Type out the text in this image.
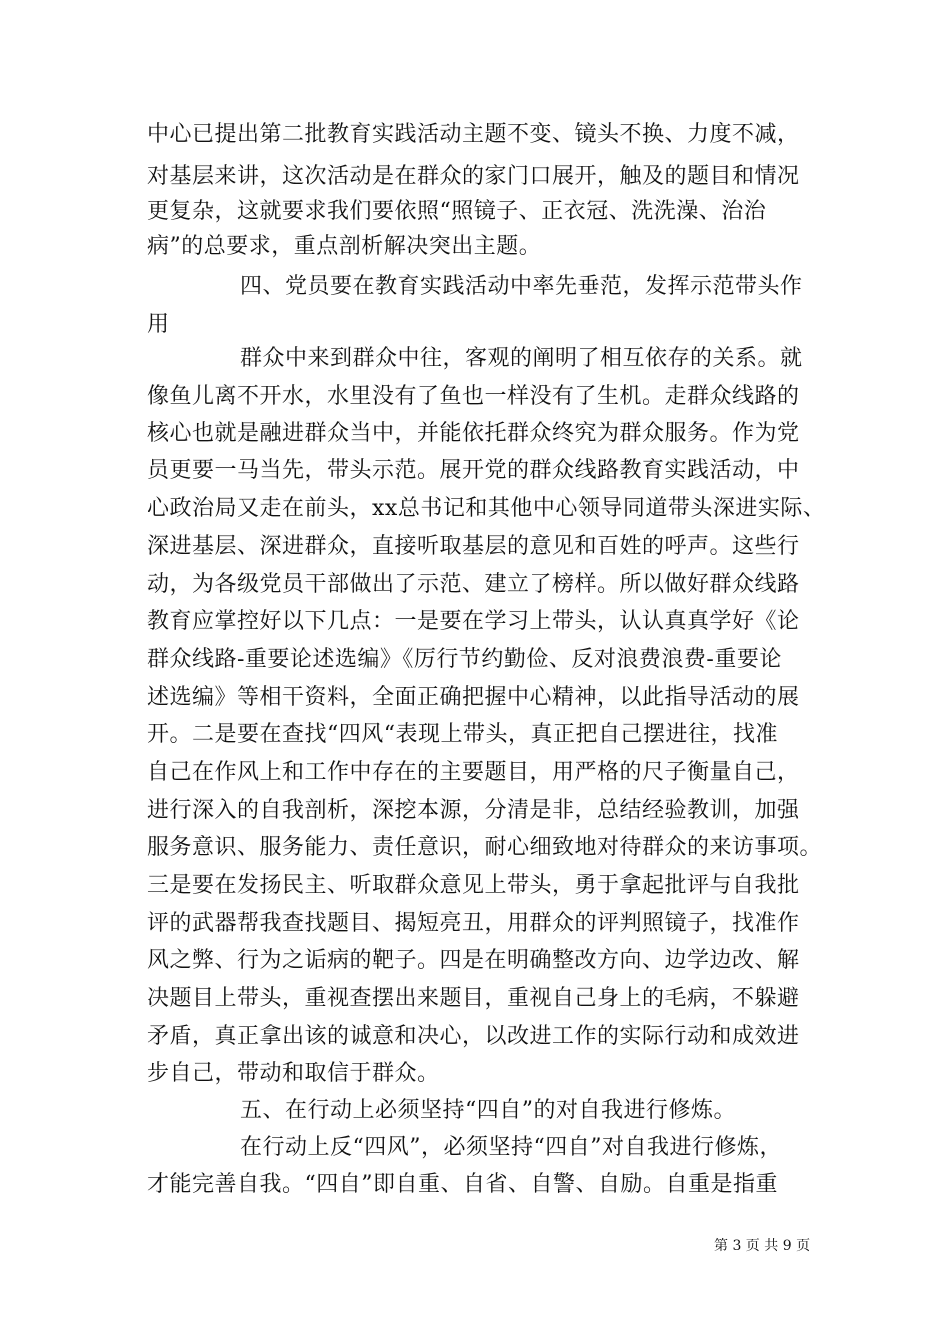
中心已提出第二批教育实践活动主题不变、镜头不换、力度不减，
对基层来讲，这次活动是在群众的家门口展开，触及的题目和情况
更复杂，这就要求我们要依照“照镜子、正衣冠、洗洗澡、治治
病”的总要求，重点剖析解决突出主题。
四、党员要在教育实践活动中率先垂范，发挥示范带头作
用
群众中来到群众中往，客观的阐明了相互依存的关系。就
像鱼儿离不开水，水里没有了鱼也一样没有了生机。走群众线路的
核心也就是融进群众当中，并能依托群众终究为群众服务。作为党
员更要一马当先，带头示范。展开党的群众线路教育实践活动，中
心政治局又走在前头，xx总书记和其他中心领导同道带头深进实际、
深进基层、深进群众，直接听取基层的意见和百姓的呼声。这些行
动，为各级党员干部做出了示范、建立了榜样。所以做好群众线路
教育应掌控好以下几点：一是要在学习上带头，认认真真学好《论
群众线路-重要论述选编》《厉行节约勤俭、反对浪费浪费-重要论
述选编》等相干资料，全面正确把握中心精神，以此指导活动的展
开。二是要在查找“四风“表现上带头，真正把自己摆进往，找准
自己在作风上和工作中存在的主要题目，用严格的尺子衡量自己，
进行深入的自我剖析，深挖本源，分清是非，总结经验教训，加强
服务意识、服务能力、责任意识，耐心细致地对待群众的来访事项。
三是要在发扬民主、听取群众意见上带头，勇于拿起批评与自我批
评的武器帮我查找题目、揭短亮丑，用群众的评判照镜子，找准作
风之弊、行为之诟病的靶子。四是在明确整改方向、边学边改、解
决题目上带头，重视查摆出来题目，重视自己身上的毛病，不躲避
矛盾，真正拿出该的诚意和决心，以改进工作的实际行动和成效进
步自己，带动和取信于群众。
五、在行动上必须坚持“四自”的对自我进行修炼。
在行动上反“四风”，必须坚持“四自”对自我进行修炼，
才能完善自我。“四自”即自重、自省、自警、自励。自重是指重
第 3 页 共 9 页
